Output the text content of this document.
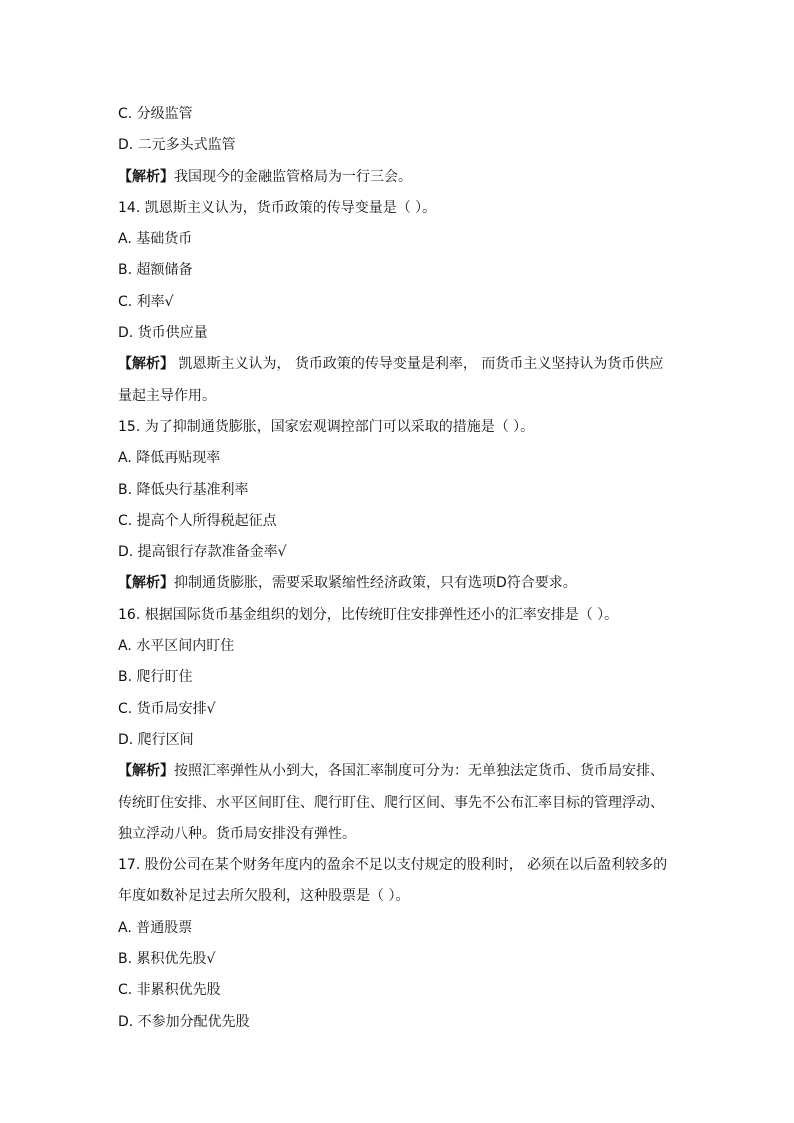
C. 分级监管
D. 二元多头式监管
【解析】我国现今的金融监管格局为一行三会。
14. 凯恩斯主义认为，货币政策的传导变量是（ ）。
A. 基础货币
B. 超额储备
C. 利率√
D. 货币供应量
【解析】 凯恩斯主义认为， 货币政策的传导变量是利率， 而货币主义坚持认为货币供应
量起主导作用。
15. 为了抑制通货膨胀，国家宏观调控部门可以采取的措施是（ ）。
A. 降低再贴现率
B. 降低央行基准利率
C. 提高个人所得税起征点
D. 提高银行存款准备金率√
【解析】抑制通货膨胀，需要采取紧缩性经济政策，只有选项D符合要求。
16. 根据国际货币基金组织的划分，比传统盯住安排弹性还小的汇率安排是（ ）。
A. 水平区间内盯住
B. 爬行盯住
C. 货币局安排√
D. 爬行区间
【解析】按照汇率弹性从小到大，各国汇率制度可分为：无单独法定货币、货币局安排、
传统盯住安排、水平区间盯住、爬行盯住、爬行区间、事先不公布汇率目标的管理浮动、
独立浮动八种。货币局安排没有弹性。
17. 股份公司在某个财务年度内的盈余不足以支付规定的股利时， 必须在以后盈利较多的
年度如数补足过去所欠股利，这种股票是（ ）。
A. 普通股票
B. 累积优先股√
C. 非累积优先股
D. 不参加分配优先股
